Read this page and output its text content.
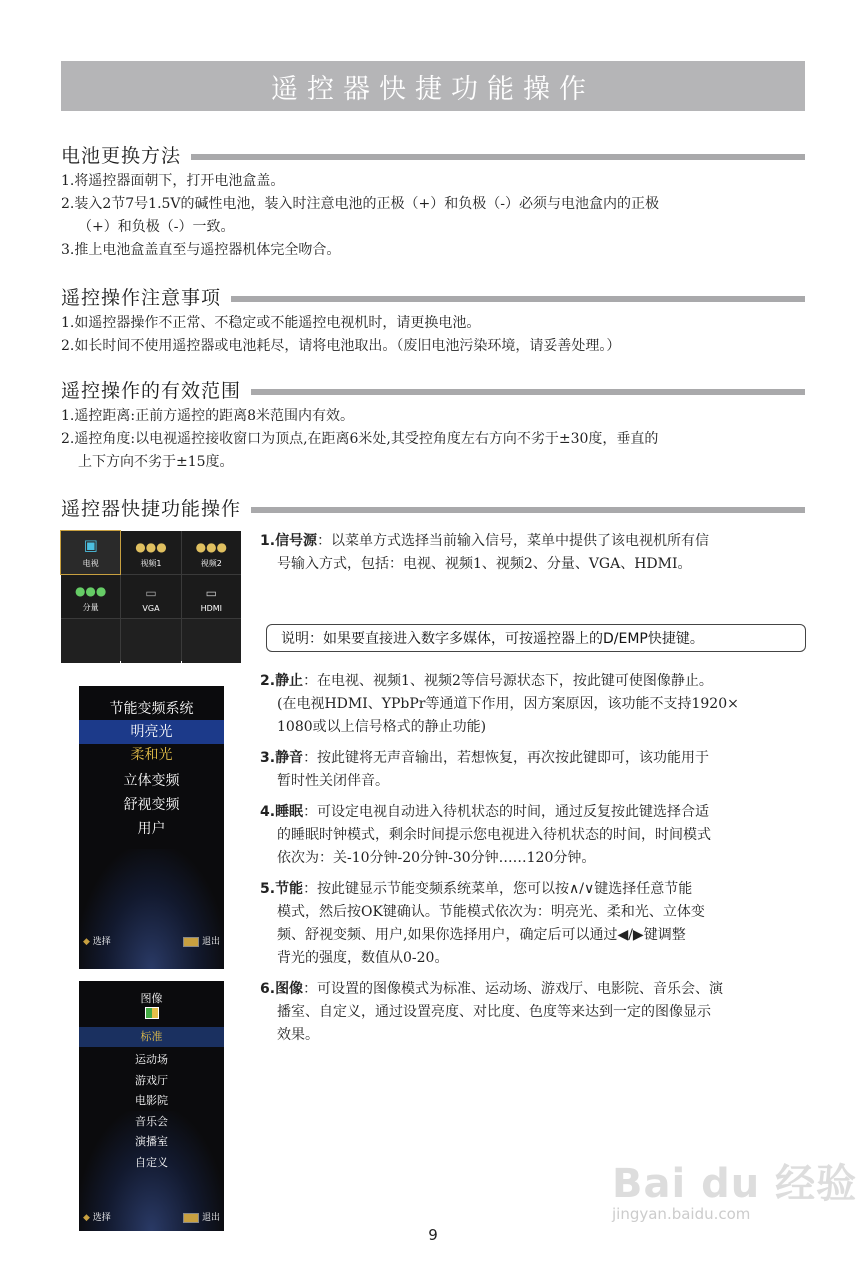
遥控器快捷功能操作
电池更换方法
1.将遥控器面朝下，打开电池盒盖。
2.装入2节7号1.5V的碱性电池，装入时注意电池的正极（+）和负极（-）必须与电池盒内的正极
（+）和负极（-）一致。
3.推上电池盒盖直至与遥控器机体完全吻合。
遥控操作注意事项
1.如遥控器操作不正常、不稳定或不能遥控电视机时，请更换电池。
2.如长时间不使用遥控器或电池耗尽，请将电池取出。（废旧电池污染环境，请妥善处理。）
遥控操作的有效范围
1.遥控距离:正前方遥控的距离8米范围内有效。
2.遥控角度:以电视遥控接收窗口为顶点,在距离6米处,其受控角度左右方向不劣于±30度，垂直的
上下方向不劣于±15度。
遥控器快捷功能操作
▣
电视
●●●
视频1
●●●
视频2
●●●
分量
▭
VGA
▭
HDMI
1.信号源：以菜单方式选择当前输入信号，菜单中提供了该电视机所有信
号输入方式，包括：电视、视频1、视频2、分量、VGA、HDMI。
说明：如果要直接进入数字多媒体，可按遥控器上的D/EMP快捷键。
2.静止：在电视、视频1、视频2等信号源状态下，按此键可使图像静止。
(在电视HDMI、YPbPr等通道下作用，因方案原因，该功能不支持1920×
1080或以上信号格式的静止功能)
3.静音：按此键将无声音输出，若想恢复，再次按此键即可，该功能用于
暂时性关闭伴音。
4.睡眠：可设定电视自动进入待机状态的时间，通过反复按此键选择合适
的睡眠时钟模式，剩余时间提示您电视进入待机状态的时间，时间模式
依次为：关-10分钟-20分钟-30分钟……120分钟。
5.节能：按此键显示节能变频系统菜单，您可以按∧/∨键选择任意节能
模式，然后按OK键确认。节能模式依次为：明亮光、柔和光、立体变
频、舒视变频、用户,如果你选择用户，确定后可以通过◀/▶键调整
背光的强度，数值从0-20。
6.图像：可设置的图像模式为标准、运动场、游戏厅、电影院、音乐会、演
播室、自定义，通过设置亮度、对比度、色度等来达到一定的图像显示
效果。
节能变频系统
明亮光
柔和光
立体变频
舒视变频
用户
◆ 选择	退出
图像
标准
运动场
游戏厅
电影院
音乐会
演播室
自定义
◆ 选择	退出
9
Bai du 经验
jingyan.baidu.com
